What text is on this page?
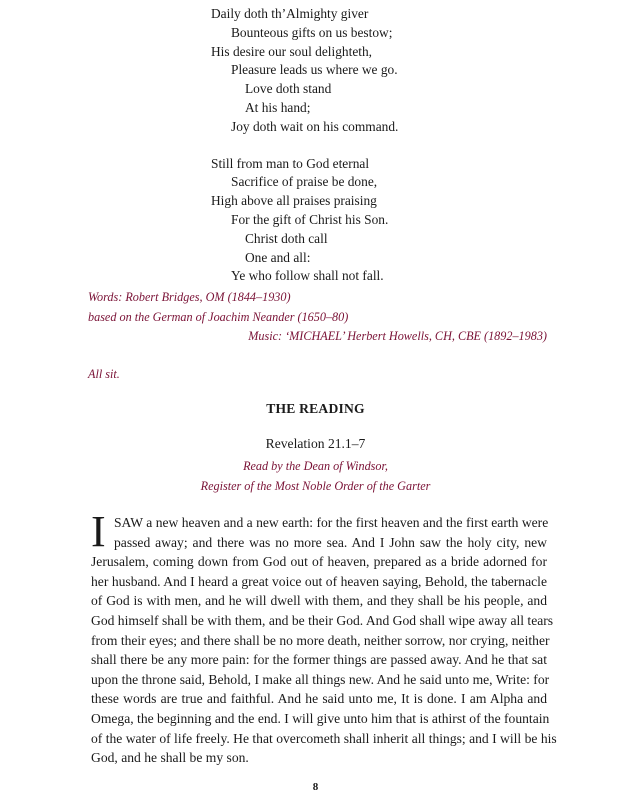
Daily doth th’Almighty giver
Bounteous gifts on us bestow;
His desire our soul delighteth,
Pleasure leads us where we go.
Love doth stand
At his hand;
Joy doth wait on his command.
Still from man to God eternal
Sacrifice of praise be done,
High above all praises praising
For the gift of Christ his Son.
Christ doth call
One and all:
Ye who follow shall not fall.
Words: Robert Bridges, OM (1844–1930)
based on the German of Joachim Neander (1650–80)
Music: ‘MICHAEL’ Herbert Howells, CH, CBE (1892–1983)
All sit.
THE READING
Revelation 21.1–7
Read by the Dean of Windsor,
Register of the Most Noble Order of the Garter
I SAW a new heaven and a new earth: for the first heaven and the first earth were
passed away; and there was no more sea. And I John saw the holy city, new
Jerusalem, coming down from God out of heaven, prepared as a bride adorned for
her husband. And I heard a great voice out of heaven saying, Behold, the tabernacle
of God is with men, and he will dwell with them, and they shall be his people, and
God himself shall be with them, and be their God. And God shall wipe away all tears
from their eyes; and there shall be no more death, neither sorrow, nor crying, neither
shall there be any more pain: for the former things are passed away. And he that sat
upon the throne said, Behold, I make all things new. And he said unto me, Write: for
these words are true and faithful. And he said unto me, It is done. I am Alpha and
Omega, the beginning and the end. I will give unto him that is athirst of the fountain
of the water of life freely. He that overcometh shall inherit all things; and I will be his
God, and he shall be my son.
8
